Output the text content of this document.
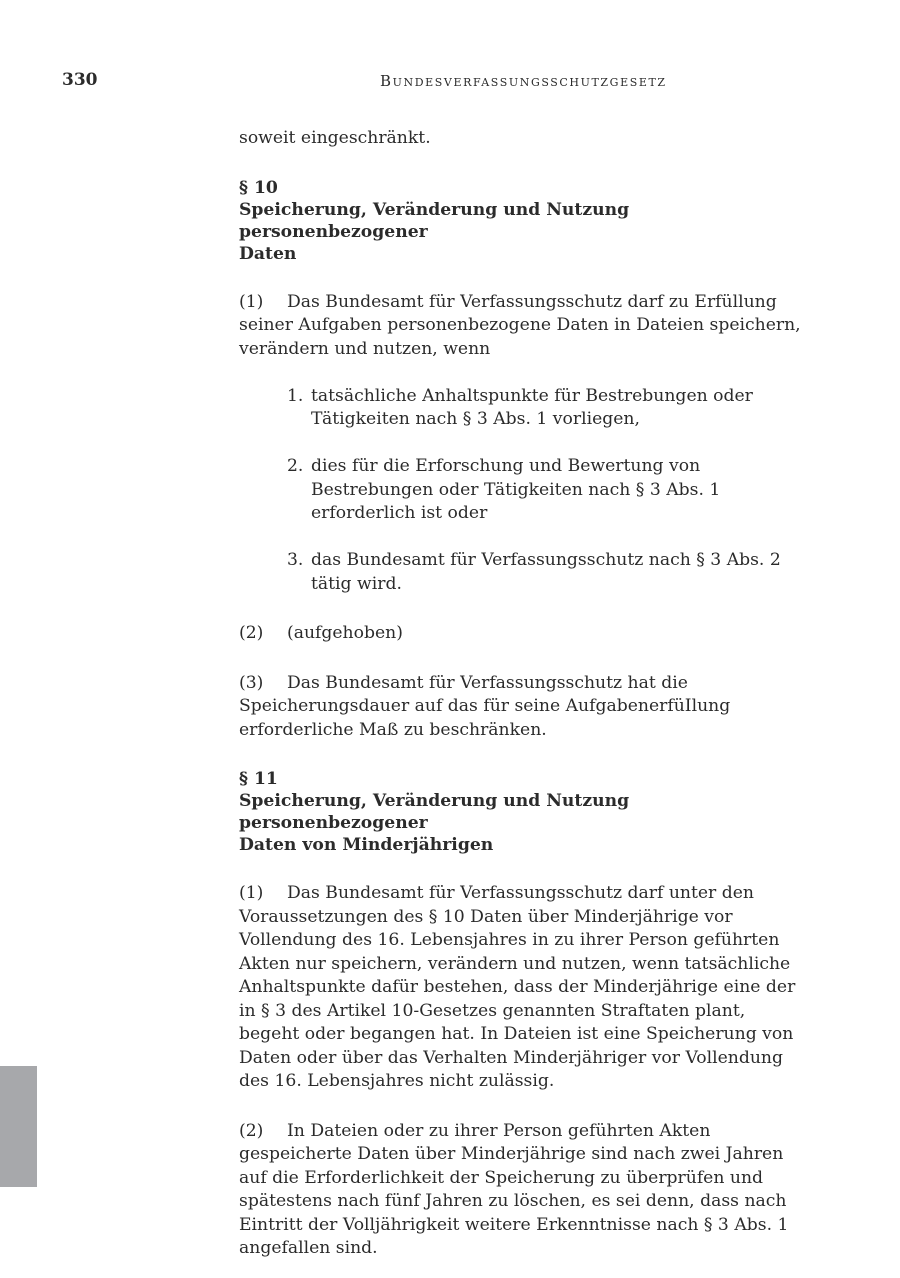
330	Bundesverfassungsschutzgesetz

soweit eingeschränkt.

§ 10
Speicherung, Veränderung und Nutzung personenbezogener
Daten

(1) Das Bundesamt für Verfassungsschutz darf zu Erfüllung seiner Aufgaben personenbezogene Daten in Dateien speichern, verändern und nutzen, wenn

1. tatsächliche Anhaltspunkte für Bestrebungen oder Tätigkeiten nach § 3 Abs. 1 vorliegen,
2. dies für die Erforschung und Bewertung von Bestrebungen oder Tätigkeiten nach § 3 Abs. 1 erforderlich ist oder
3. das Bundesamt für Verfassungsschutz nach § 3 Abs. 2 tätig wird.

(2) (aufgehoben)

(3) Das Bundesamt für Verfassungsschutz hat die Speicherungsdauer auf das für seine AufgabenerfüIlung erforderliche Maß zu beschränken.

§ 11
Speicherung, Veränderung und Nutzung personenbezogener
Daten von Minderjährigen

(1) Das Bundesamt für Verfassungsschutz darf unter den Voraussetzungen des § 10 Daten über Minderjährige vor Vollendung des 16. Lebensjahres in zu ihrer Person geführten Akten nur speichern, verändern und nutzen, wenn tatsächliche Anhaltspunkte dafür bestehen, dass der Minderjährige eine der in § 3 des Artikel 10-Gesetzes genannten Straftaten plant, begeht oder begangen hat. In Dateien ist eine Speicherung von Daten oder über das Verhalten Minderjähriger vor Vollendung des 16. Lebensjahres nicht zulässig.

(2) In Dateien oder zu ihrer Person geführten Akten gespeicherte Daten über Minderjährige sind nach zwei Jahren auf die Erforderlichkeit der Speicherung zu überprüfen und spätestens nach fünf Jahren zu löschen, es sei denn, dass nach Eintritt der Volljährigkeit weitere Erkenntnisse nach § 3 Abs. 1 angefallen sind.
